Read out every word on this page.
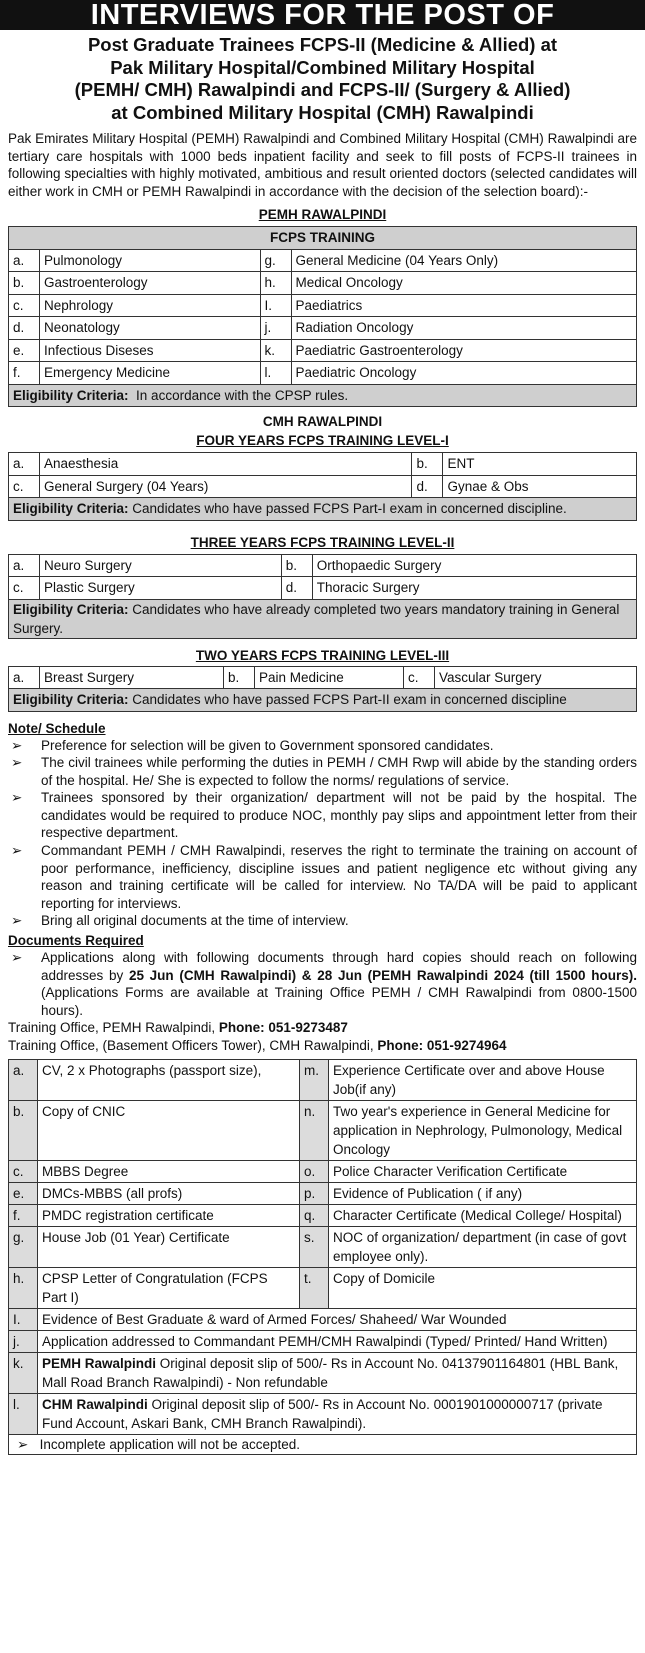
INTERVIEWS FOR THE POST OF
Post Graduate Trainees FCPS-II (Medicine & Allied) at
Pak Military Hospital/Combined Military Hospital
(PEMH/ CMH) Rawalpindi and FCPS-II/ (Surgery & Allied)
at Combined Military Hospital (CMH) Rawalpindi
Pak Emirates Military Hospital (PEMH) Rawalpindi and Combined Military Hospital (CMH) Rawalpindi are tertiary care hospitals with 1000 beds inpatient facility and seek to fill posts of FCPS-II trainees in following specialties with highly motivated, ambitious and result oriented doctors (selected candidates will either work in CMH or PEMH Rawalpindi in accordance with the decision of the selection board):-
PEMH RAWALPINDI
FCPS TRAINING			
a.	Pulmonology	g.	General Medicine (04 Years Only)
b.	Gastroenterology	h.	Medical Oncology
c.	Nephrology	I.	Paediatrics
d.	Neonatology	j.	Radiation Oncology
e.	Infectious Diseses	k.	Paediatric Gastroenterology
f.	Emergency Medicine	l.	Paediatric Oncology
Eligibility Criteria: In accordance with the CPSP rules.			
CMH RAWALPINDI
FOUR YEARS FCPS TRAINING LEVEL-I
a.	Anaesthesia	b.	ENT
c.	General Surgery (04 Years)	d.	Gynae & Obs
Eligibility Criteria: Candidates who have passed FCPS Part-I exam in concerned discipline.			
THREE YEARS FCPS TRAINING LEVEL-II
a.	Neuro Surgery	b.	Orthopaedic Surgery
c.	Plastic Surgery	d.	Thoracic Surgery
Eligibility Criteria: Candidates who have already completed two years mandatory training in General Surgery.			
TWO YEARS FCPS TRAINING LEVEL-III
a.	Breast Surgery	b.	Pain Medicine	c.	Vascular Surgery
Eligibility Criteria: Candidates who have passed FCPS Part-II exam in concerned discipline
Note/ Schedule
➢ Preference for selection will be given to Government sponsored candidates.
➢ The civil trainees while performing the duties in PEMH / CMH Rwp will abide by the standing orders of the hospital. He/ She is expected to follow the norms/ regulations of service.
➢ Trainees sponsored by their organization/ department will not be paid by the hospital. The candidates would be required to produce NOC, monthly pay slips and appointment letter from their respective department.
➢ Commandant PEMH / CMH Rawalpindi, reserves the right to terminate the training on account of poor performance, inefficiency, discipline issues and patient negligence etc without giving any reason and training certificate will be called for interview. No TA/DA will be paid to applicant reporting for interviews.
➢ Bring all original documents at the time of interview.
Documents Required
➢ Applications along with following documents through hard copies should reach on following addresses by 25 Jun (CMH Rawalpindi) & 28 Jun (PEMH Rawalpindi 2024 (till 1500 hours). (Applications Forms are available at Training Office PEMH / CMH Rawalpindi from 0800-1500 hours).
Training Office, PEMH Rawalpindi, Phone: 051-9273487
Training Office, (Basement Officers Tower), CMH Rawalpindi, Phone: 051-9274964
a.	CV, 2 x Photographs (passport size),	m.	Experience Certificate over and above House Job(if any)
b.	Copy of CNIC	n.	Two year's experience in General Medicine for application in Nephrology, Pulmonology, Medical Oncology
c.	MBBS Degree	o.	Police Character Verification Certificate
e.	DMCs-MBBS (all profs)	p.	Evidence of Publication ( if any)
f.	PMDC registration certificate	q.	Character Certificate (Medical College/ Hospital)
g.	House Job (01 Year) Certificate	s.	NOC of organization/ department (in case of govt employee only).
h.	CPSP Letter of Congratulation (FCPS Part I)	t.	Copy of Domicile
I.	Evidence of Best Graduate & ward of Armed Forces/ Shaheed/ War Wounded		
j.	Application addressed to Commandant PEMH/CMH Rawalpindi (Typed/ Printed/ Hand Written)		
k.	PEMH Rawalpindi Original deposit slip of 500/- Rs in Account No. 04137901164801 (HBL Bank, Mall Road Branch Rawalpindi) - Non refundable		
l.	CHM Rawalpindi Original deposit slip of 500/- Rs in Account No. 0001901000000717 (private Fund Account, Askari Bank, CMH Branch Rawalpindi).		
➢ Incomplete application will not be accepted.
